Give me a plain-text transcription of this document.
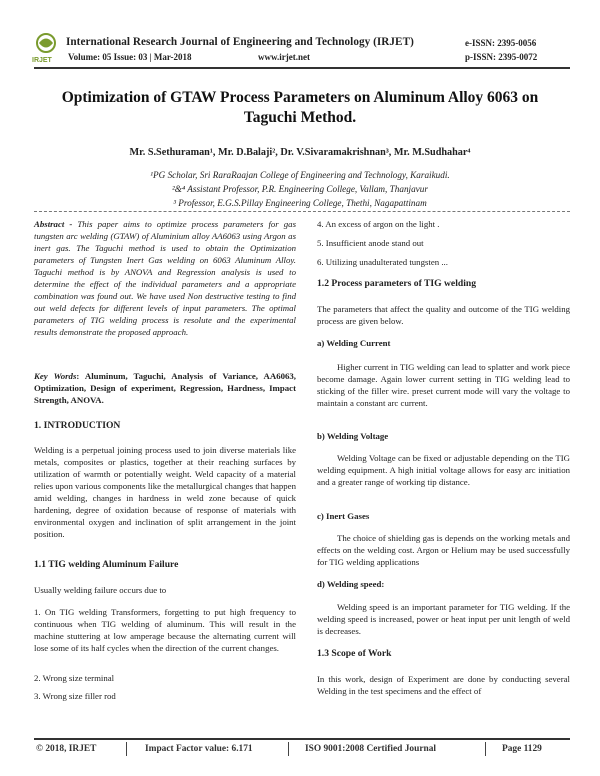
IRJET
International Research Journal of Engineering and Technology (IRJET)
Volume: 05 Issue: 03 | Mar-2018	www.irjet.net
e-ISSN: 2395-0056
p-ISSN: 2395-0072
Optimization of GTAW Process Parameters on Aluminum Alloy 6063 on
Taguchi Method.
Mr. S.Sethuraman¹, Mr. D.Balaji², Dr. V.Sivaramakrishnan³, Mr. M.Sudhahar⁴
¹PG Scholar, Sri RaraRaajan College of Engineering and Technology, Karaikudi.
²&⁴ Assistant Professor, P.R. Engineering College, Vallam, Thanjavur
³ Professor, E.G.S.Pillay Engineering College, Thethi, Nagapattinam

Abstract - This paper aims to optimize process parameters for gas tungsten arc welding (GTAW) of Aluminium alloy AA6063 using Argon as inert gas. The Taguchi method is used to obtain the Optimization parameters of Tungsten Inert Gas welding on 6063 Aluminum Alloy. Taguchi method is by ANOVA and Regression analysis is used to determine the effect of the individual parameters and a appropriate combination was found out. We have used Non destructive testing to find out weld defects for different levels of input parameters. The optimal parameters of TIG welding process is resolute and the experimental results demonstrate the proposed approach.

Key Words: Aluminum, Taguchi, Analysis of Variance, AA6063, Optimization, Design of experiment, Regression, Hardness, Impact Strength, ANOVA.

1. INTRODUCTION
Welding is a perpetual joining process used to join diverse materials like metals, composites or plastics, together at their reaching surfaces by utilization of warmth or potentially weight. Weld capacity of a material relies upon various components like the metallurgical changes that happen amid welding, changes in hardness in weld zone because of quick hardening, degree of oxidation because of response of materials with environmental oxygen and inclination of split arrangement in the joint position.
1.1 TIG welding Aluminum Failure
Usually welding failure occurs due to
1. On TIG welding Transformers, forgetting to put high frequency to continuous when TIG welding of aluminum. This will result in the machine stuttering at low amperage because the alternating current will lose some of its half cycles when the direction of the current changes.
2. Wrong size terminal
3. Wrong size filler rod
4. An excess of argon on the light .
5. Insufficient anode stand out
6. Utilizing unadulterated tungsten ...
1.2 Process parameters of TIG welding
The parameters that affect the quality and outcome of the TIG welding process are given below.
a) Welding Current
Higher current in TIG welding can lead to splatter and work piece become damage. Again lower current setting in TIG welding lead to sticking of the filler wire. preset current mode will vary the voltage to maintain a constant arc current.
b) Welding Voltage
Welding Voltage can be fixed or adjustable depending on the TIG welding equipment. A high initial voltage allows for easy arc initiation and a greater range of working tip distance.
c) Inert Gases
The choice of shielding gas is depends on the working metals and effects on the welding cost. Argon or Helium may be used successfully for TIG welding applications
d) Welding speed:
Welding speed is an important parameter for TIG welding. If the welding speed is increased, power or heat input per unit length of weld is decreases.
1.3 Scope of Work
In this work, design of Experiment are done by conducting several Welding in the test specimens and the effect of
© 2018, IRJET	Impact Factor value: 6.171	ISO 9001:2008 Certified Journal	Page 1129
